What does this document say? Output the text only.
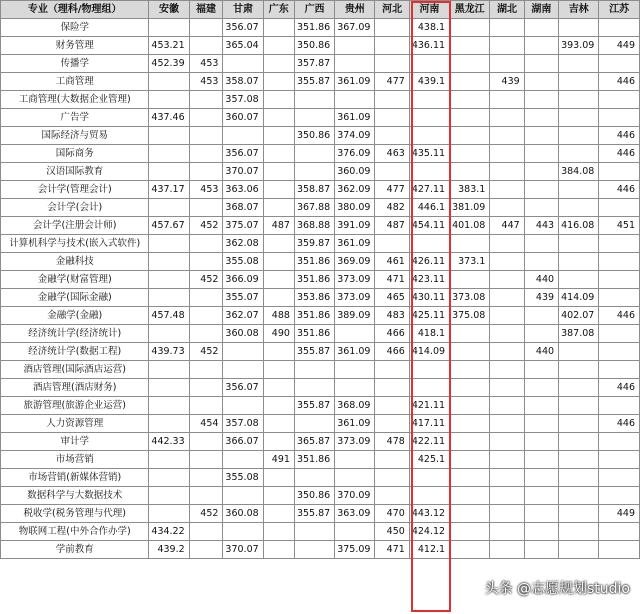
专业（理科/物理组）	安徽	福建	甘肃	广东	广西	贵州	河北	河南	黑龙江	湖北	湖南	吉林	江苏
保险学			356.07		351.86	367.09		438.1					
财务管理	453.21		365.04		350.86			436.11				393.09	449
传播学	452.39	453			357.87								
工商管理		453	358.07		355.87	361.09	477	439.1		439			446
工商管理(大数据企业管理)			357.08										
广告学	437.46		360.07			361.09							
国际经济与贸易					350.86	374.09							446
国际商务			356.07			376.09	463	435.11					446
汉语国际教育			370.07			360.09						384.08	
会计学(管理会计)	437.17	453	363.06		358.87	362.09	477	427.11	383.1				446
会计学(会计)			368.07		367.88	380.09	482	446.1	381.09				
会计学(注册会计师)	457.67	452	375.07	487	368.88	391.09	487	454.11	401.08	447	443	416.08	451
计算机科学与技术(嵌入式软件)			362.08		359.87	361.09							
金融科技			355.08		351.86	369.09	461	426.11	373.1				
金融学(财富管理)		452	366.09		351.86	373.09	471	423.11			440		
金融学(国际金融)			355.07		353.86	373.09	465	430.11	373.08		439	414.09	
金融学(金融)	457.48		362.07	488	351.86	389.09	483	425.11	375.08			402.07	446
经济统计学(经济统计)			360.08	490	351.86		466	418.1				387.08	
经济统计学(数据工程)	439.73	452			355.87	361.09	466	414.09			440		
酒店管理(国际酒店运营)													
酒店管理(酒店财务)			356.07										446
旅游管理(旅游企业运营)					355.87	368.09		421.11					
人力资源管理		454	357.08			361.09		417.11					446
审计学	442.33		366.07		365.87	373.09	478	422.11					
市场营销				491	351.86			425.1					
市场营销(新媒体营销)			355.08										
数据科学与大数据技术					350.86	370.09							
税收学(税务管理与代理)		452	360.08		355.87	363.09	470	443.12					449
物联网工程(中外合作办学)	434.22						450	424.12					
学前教育	439.2		370.07			375.09	471	412.1					
头条 @志愿规划studio
